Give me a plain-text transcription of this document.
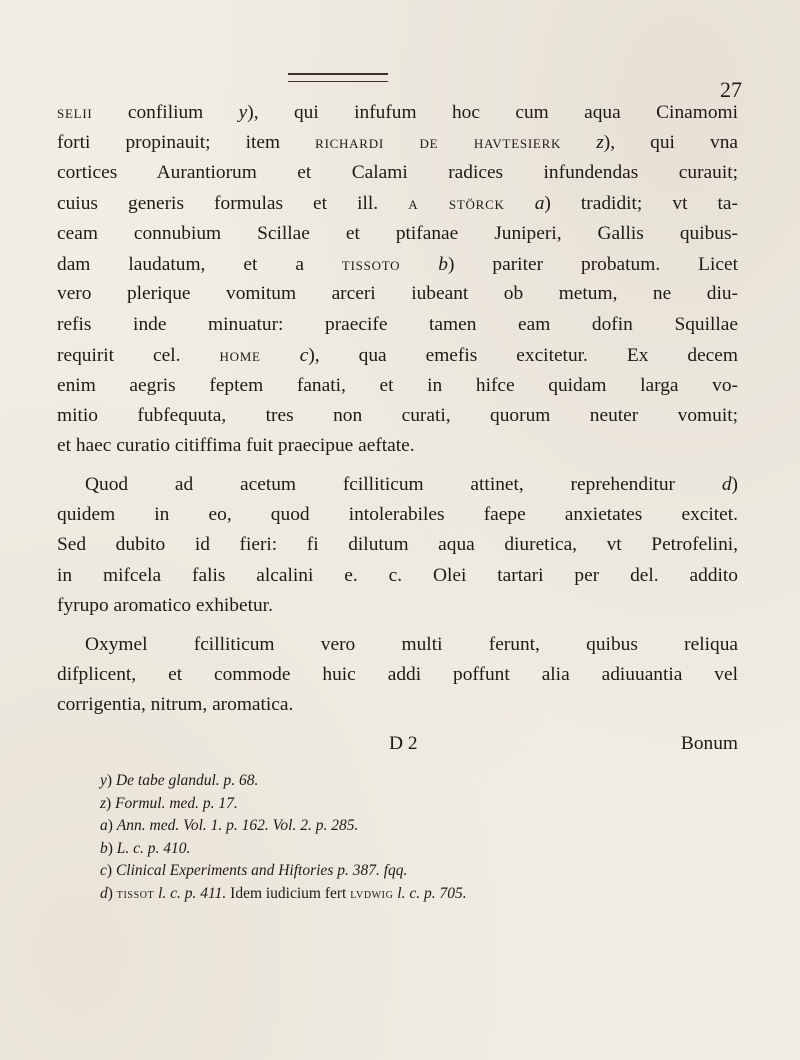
27
selii confilium y), qui infufum hoc cum aqua Cinamomi
forti propinauit; item richardi de havtesierk z), qui vna
cortices Aurantiorum et Calami radices infundendas curauit;
cuius generis formulas et ill. a störck a) tradidit; vt ta-
ceam connubium Scillae et ptifanae Juniperi, Gallis quibus-
dam laudatum, et a tissoto b) pariter probatum. Licet
vero plerique vomitum arceri iubeant ob metum, ne diu-
refis inde minuatur: praecife tamen eam dofin Squillae
requirit cel. home c), qua emefis excitetur. Ex decem
enim aegris feptem fanati, et in hifce quidam larga vo-
mitio fubfequuta, tres non curati, quorum neuter vomuit;
et haec curatio citiffima fuit praecipue aeftate.
Quod ad acetum fcilliticum attinet, reprehenditur d)
quidem in eo, quod intolerabiles faepe anxietates excitet.
Sed dubito id fieri: fi dilutum aqua diuretica, vt Petrofelini,
in mifcela falis alcalini e. c. Olei tartari per del. addito
fyrupo aromatico exhibetur.
Oxymel fcilliticum vero multi ferunt, quibus reliqua
difplicent, et commode huic addi poffunt alia adiuuantia vel
corrigentia, nitrum, aromatica.
D 2	Bonum
y) De tabe glandul. p. 68.
z) Formul. med. p. 17.
a) Ann. med. Vol. 1. p. 162. Vol. 2. p. 285.
b) L. c. p. 410.
c) Clinical Experiments and Hiftories p. 387. fqq.
d) tissot l. c. p. 411. Idem iudicium fert lvdwig l. c. p. 705.
